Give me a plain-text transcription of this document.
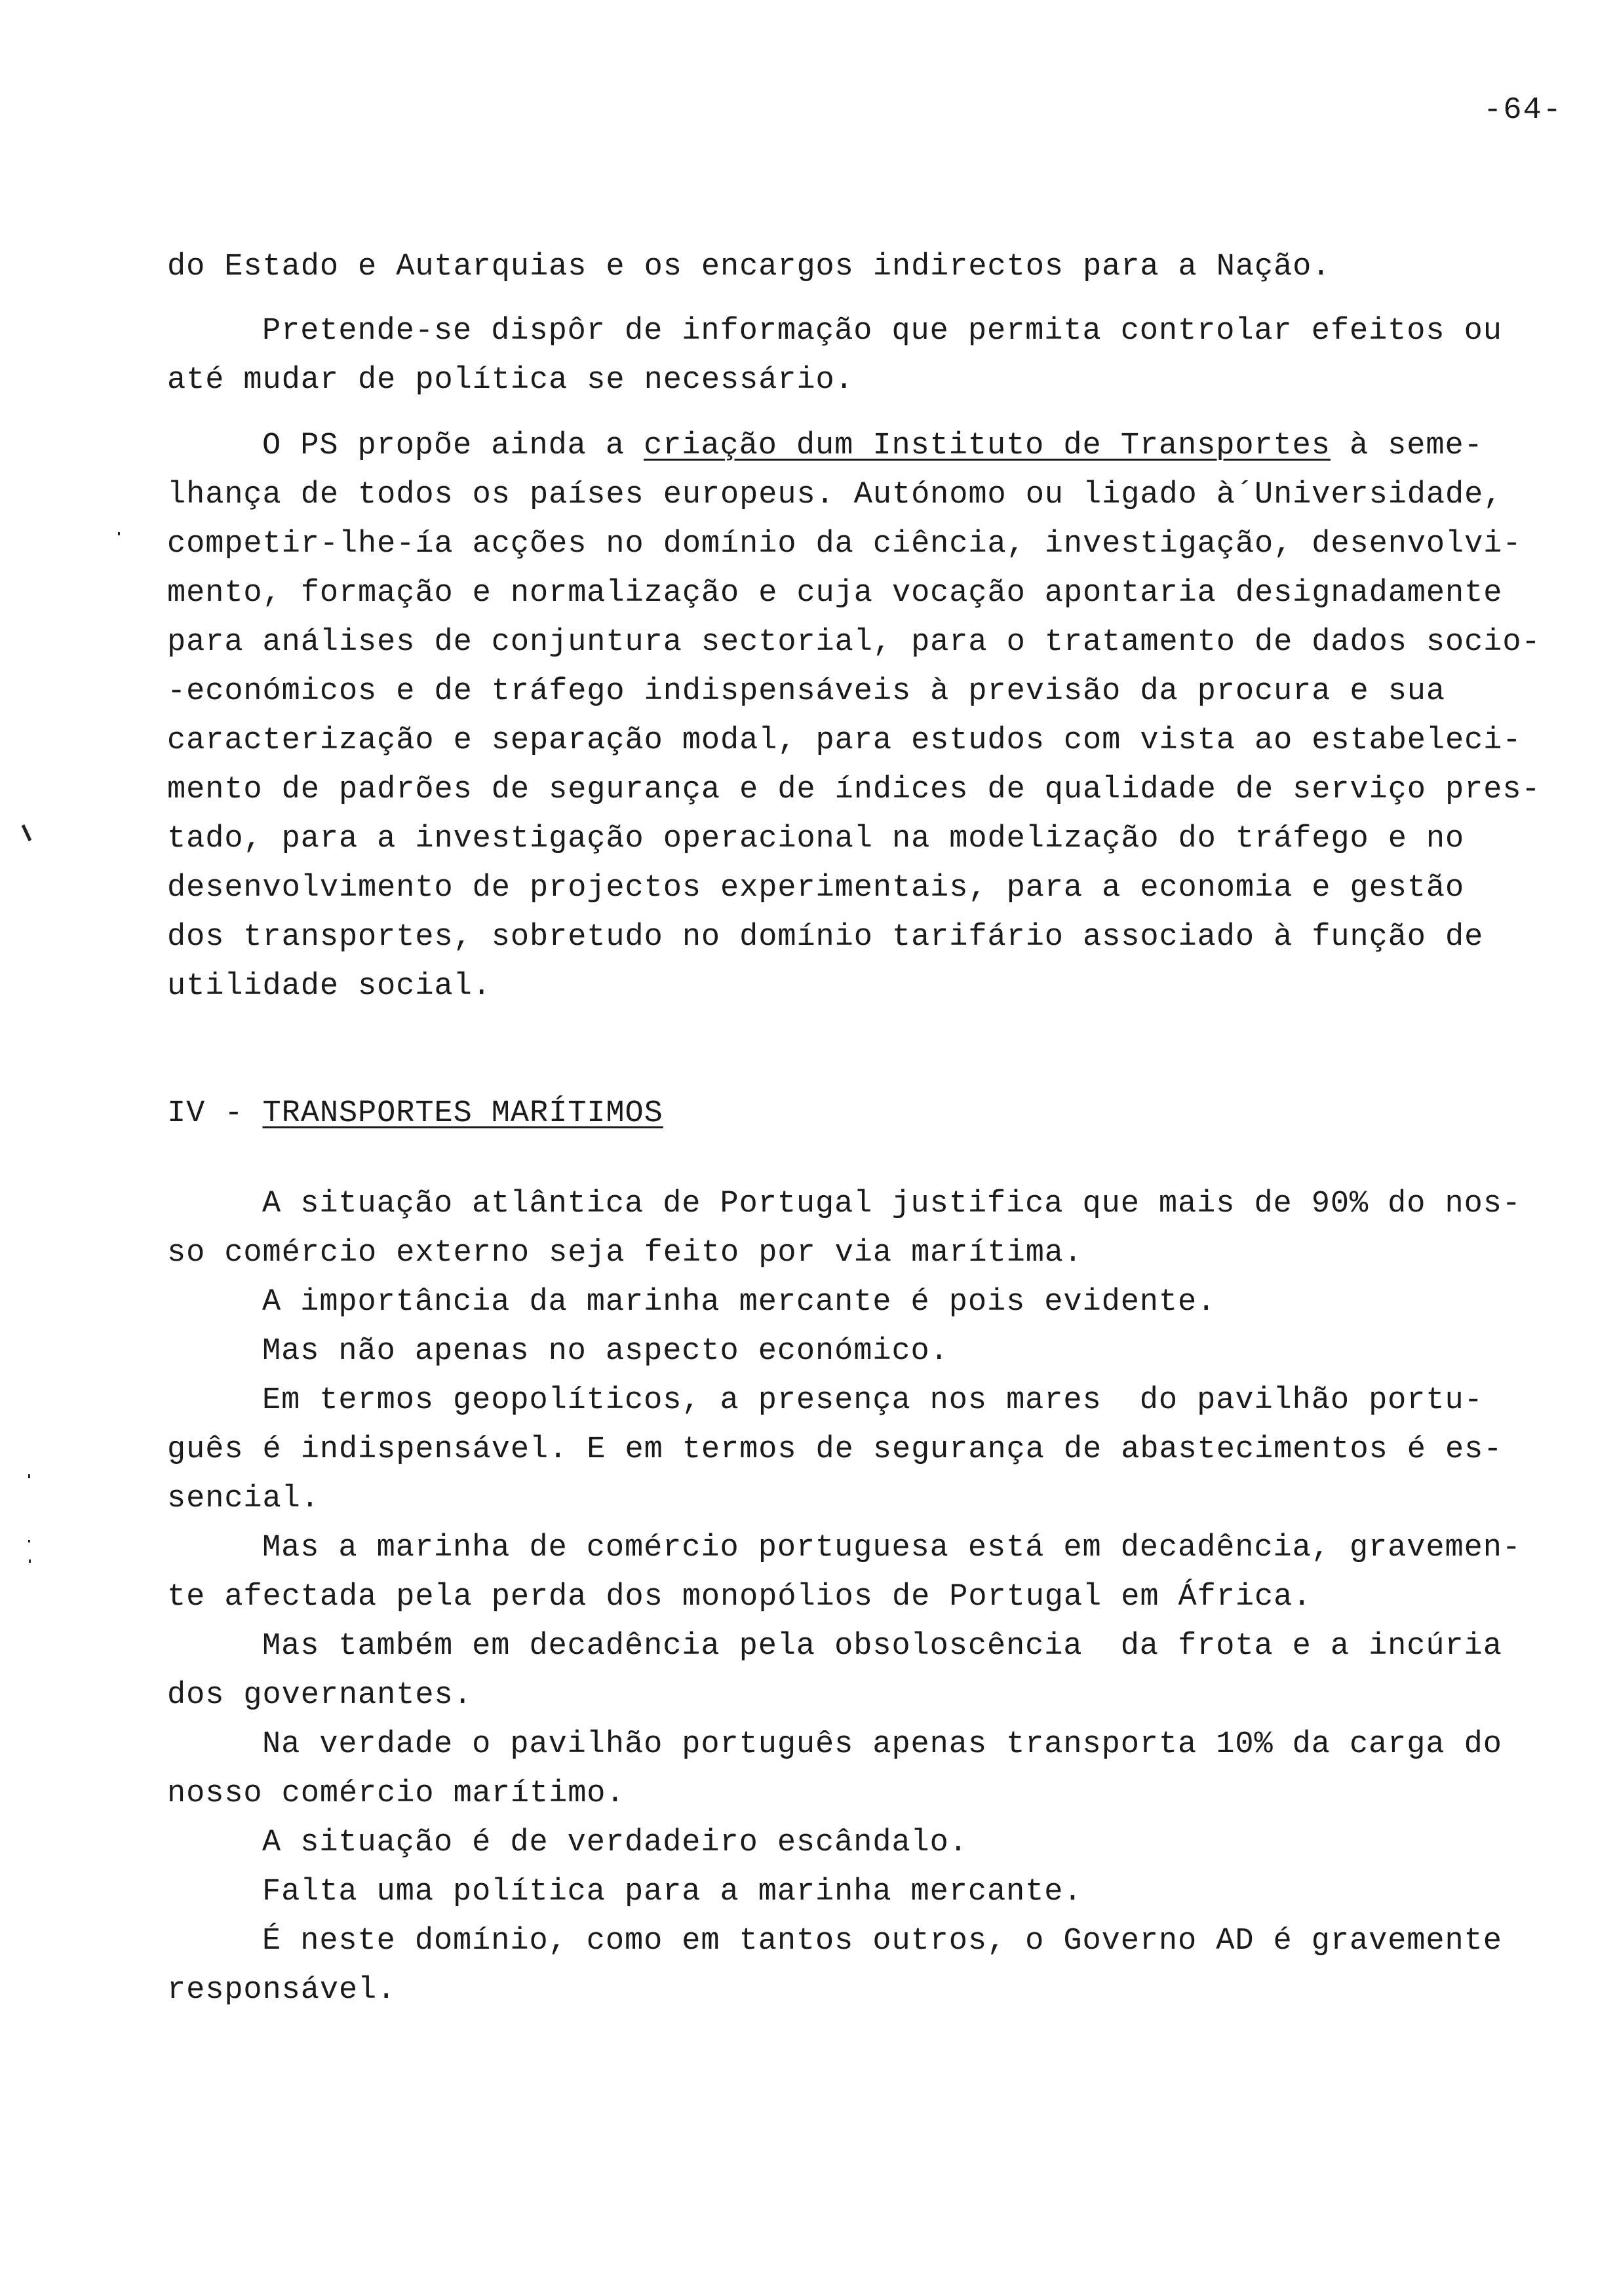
-64-
do Estado e Autarquias e os encargos indirectos para a Nação.
Pretende-se dispôr de informação que permita controlar efeitos ou
até mudar de política se necessário.
O PS propõe ainda a criação dum Instituto de Transportes à seme-
lhança de todos os países europeus. Autónomo ou ligado à´Universidade,
competir-lhe-ía acções no domínio da ciência, investigação, desenvolvi-
mento, formação e normalização e cuja vocação apontaria designadamente
para análises de conjuntura sectorial, para o tratamento de dados socio-
-económicos e de tráfego indispensáveis à previsão da procura e sua
caracterização e separação modal, para estudos com vista ao estabeleci-
mento de padrões de segurança e de índices de qualidade de serviço pres-
tado, para a investigação operacional na modelização do tráfego e no
desenvolvimento de projectos experimentais, para a economia e gestão
dos transportes, sobretudo no domínio tarifário associado à função de
utilidade social.
IV - TRANSPORTES MARÍTIMOS
A situação atlântica de Portugal justifica que mais de 90% do nos-
so comércio externo seja feito por via marítima.
A importância da marinha mercante é pois evidente.
Mas não apenas no aspecto económico.
Em termos geopolíticos, a presença nos mares  do pavilhão portu-
guês é indispensável. E em termos de segurança de abastecimentos é es-
sencial.
Mas a marinha de comércio portuguesa está em decadência, gravemen-
te afectada pela perda dos monopólios de Portugal em África.
Mas também em decadência pela obsoloscência  da frota e a incúria
dos governantes.
Na verdade o pavilhão português apenas transporta 10% da carga do
nosso comércio marítimo.
A situação é de verdadeiro escândalo.
Falta uma política para a marinha mercante.
É neste domínio, como em tantos outros, o Governo AD é gravemente
responsável.
